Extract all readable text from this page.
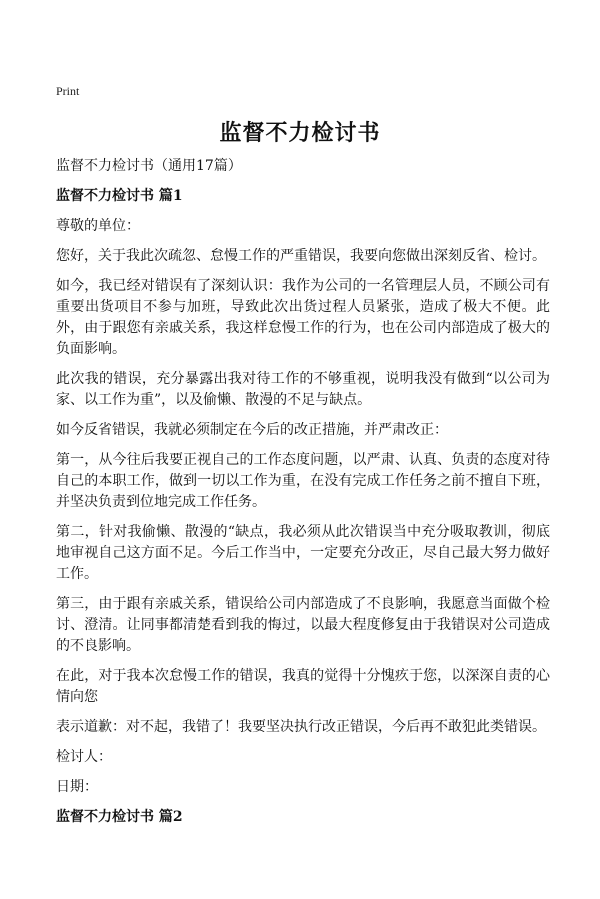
Print
监督不力检讨书

监督不力检讨书（通用17篇）

监督不力检讨书 篇1

尊敬的单位：

您好，关于我此次疏忽、怠慢工作的严重错误，我要向您做出深刻反省、检讨。

如今，我已经对错误有了深刻认识：我作为公司的一名管理层人员，不顾公司有重要出货项目不参与加班，导致此次出货过程人员紧张，造成了极大不便。此外，由于跟您有亲戚关系，我这样怠慢工作的行为，也在公司内部造成了极大的负面影响。

此次我的错误，充分暴露出我对待工作的不够重视，说明我没有做到“以公司为家、以工作为重”，以及偷懒、散漫的不足与缺点。

如今反省错误，我就必须制定在今后的改正措施，并严肃改正：

第一，从今往后我要正视自己的工作态度问题，以严肃、认真、负责的态度对待自己的本职工作，做到一切以工作为重，在没有完成工作任务之前不擅自下班，并坚决负责到位地完成工作任务。

第二，针对我偷懒、散漫的“缺点，我必须从此次错误当中充分吸取教训，彻底地审视自己这方面不足。今后工作当中，一定要充分改正，尽自己最大努力做好工作。

第三，由于跟有亲戚关系，错误给公司内部造成了不良影响，我愿意当面做个检讨、澄清。让同事都清楚看到我的悔过，以最大程度修复由于我错误对公司造成的不良影响。

在此，对于我本次怠慢工作的错误，我真的觉得十分愧疚于您，以深深自责的心情向您

表示道歉：对不起，我错了！我要坚决执行改正错误，今后再不敢犯此类错误。

检讨人：

日期：

监督不力检讨书 篇2
